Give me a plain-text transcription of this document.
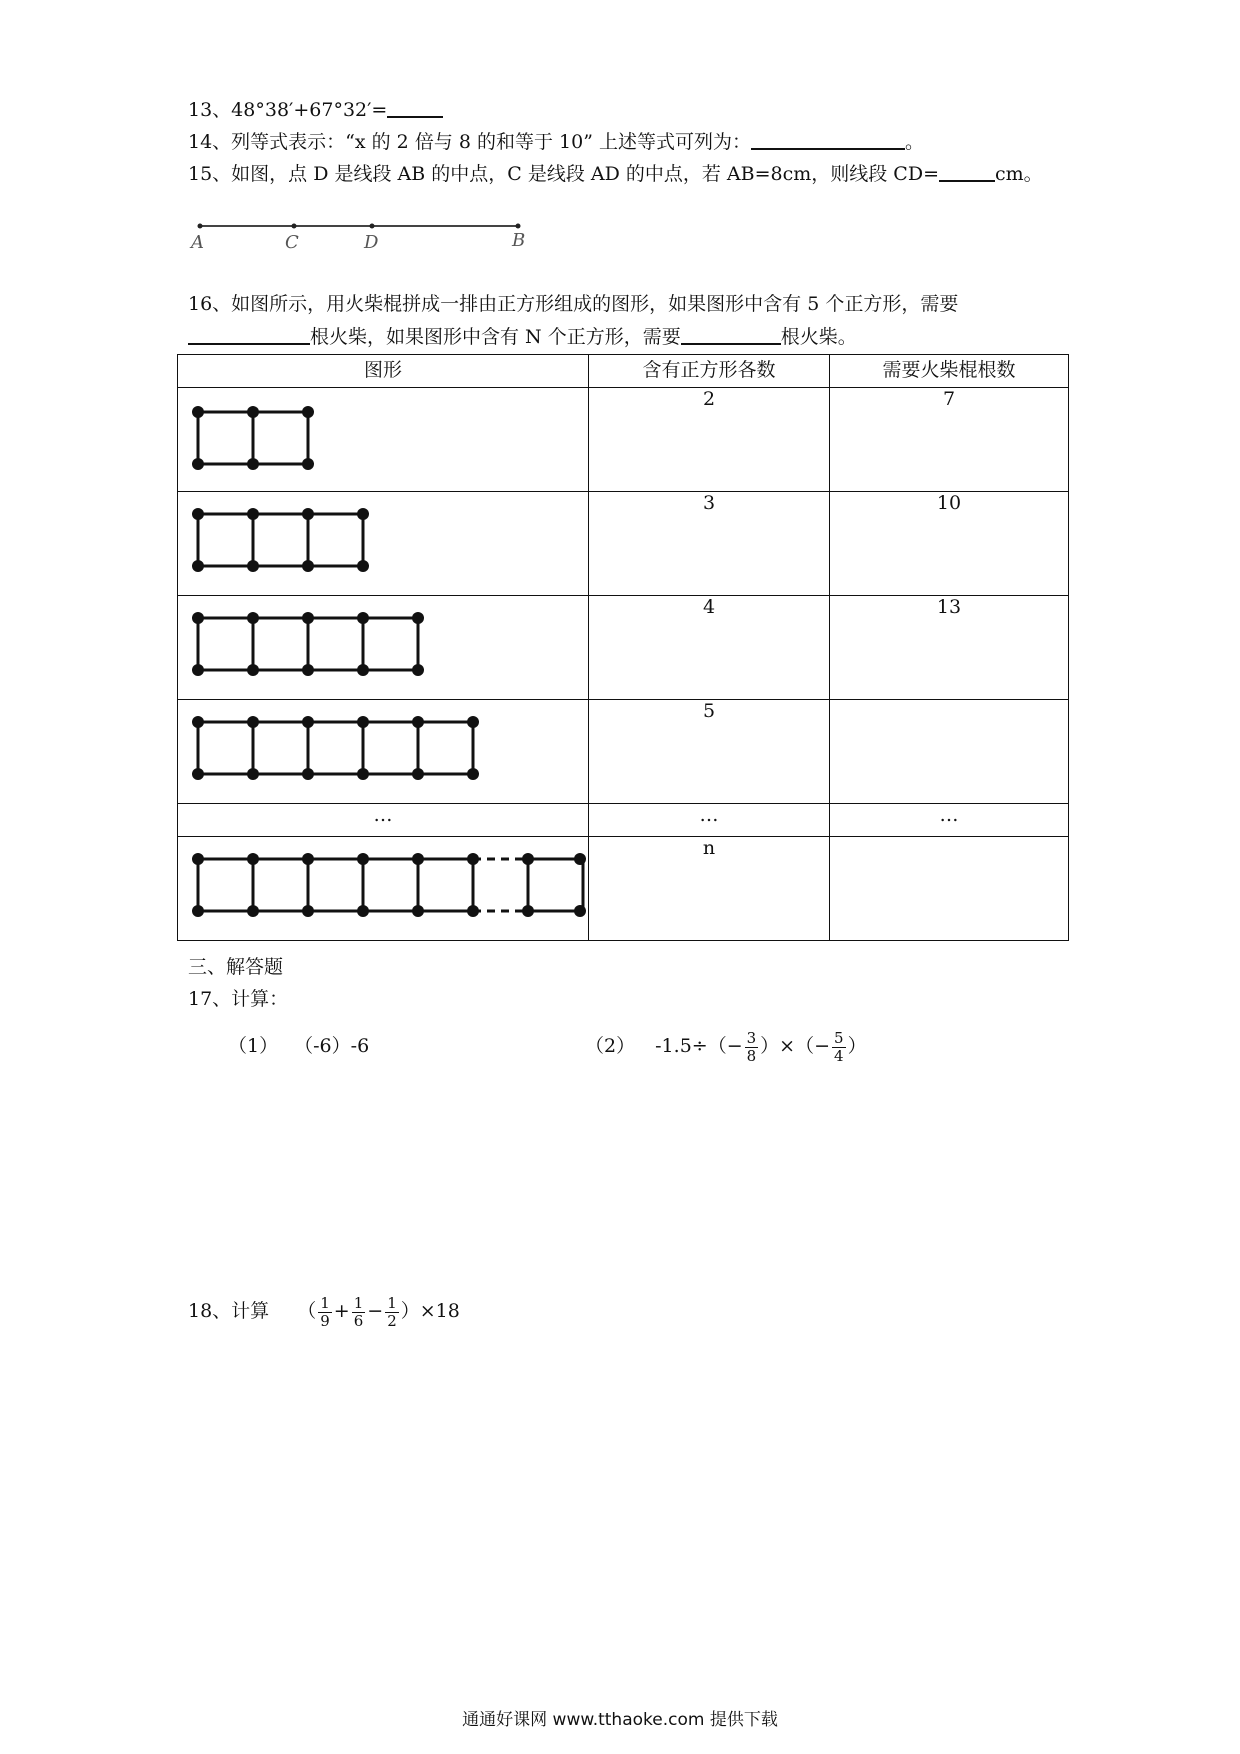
13、48°38′+67°32′=
14、列等式表示：“x 的 2 倍与 8 的和等于 10” 上述等式可列为：	。
15、如图，点 D 是线段 AB 的中点，C 是线段 AD 的中点，若 AB=8cm，则线段 CD=	cm。
A	C	D	B
16、如图所示，用火柴棍拼成一排由正方形组成的图形，如果图形中含有 5 个正方形，需要
根火柴，如果图形中含有 N 个正方形，需要	根火柴。
图形	含有正方形各数	需要火柴棍根数
	2	7
	3	10
	4	13
	5	
…	…	…
	n	
三、解答题
17、计算：
（1） （-6）-6	（2） $-1.5\div(- \frac{3}{8}$ ）×（− $\frac{5}{4}$ ）
18、计算 （ $\frac{1}{9} + \frac{1}{6} - \frac{1}{2} )\times 18$
通通好课网 www.tthaoke.com 提供下载
